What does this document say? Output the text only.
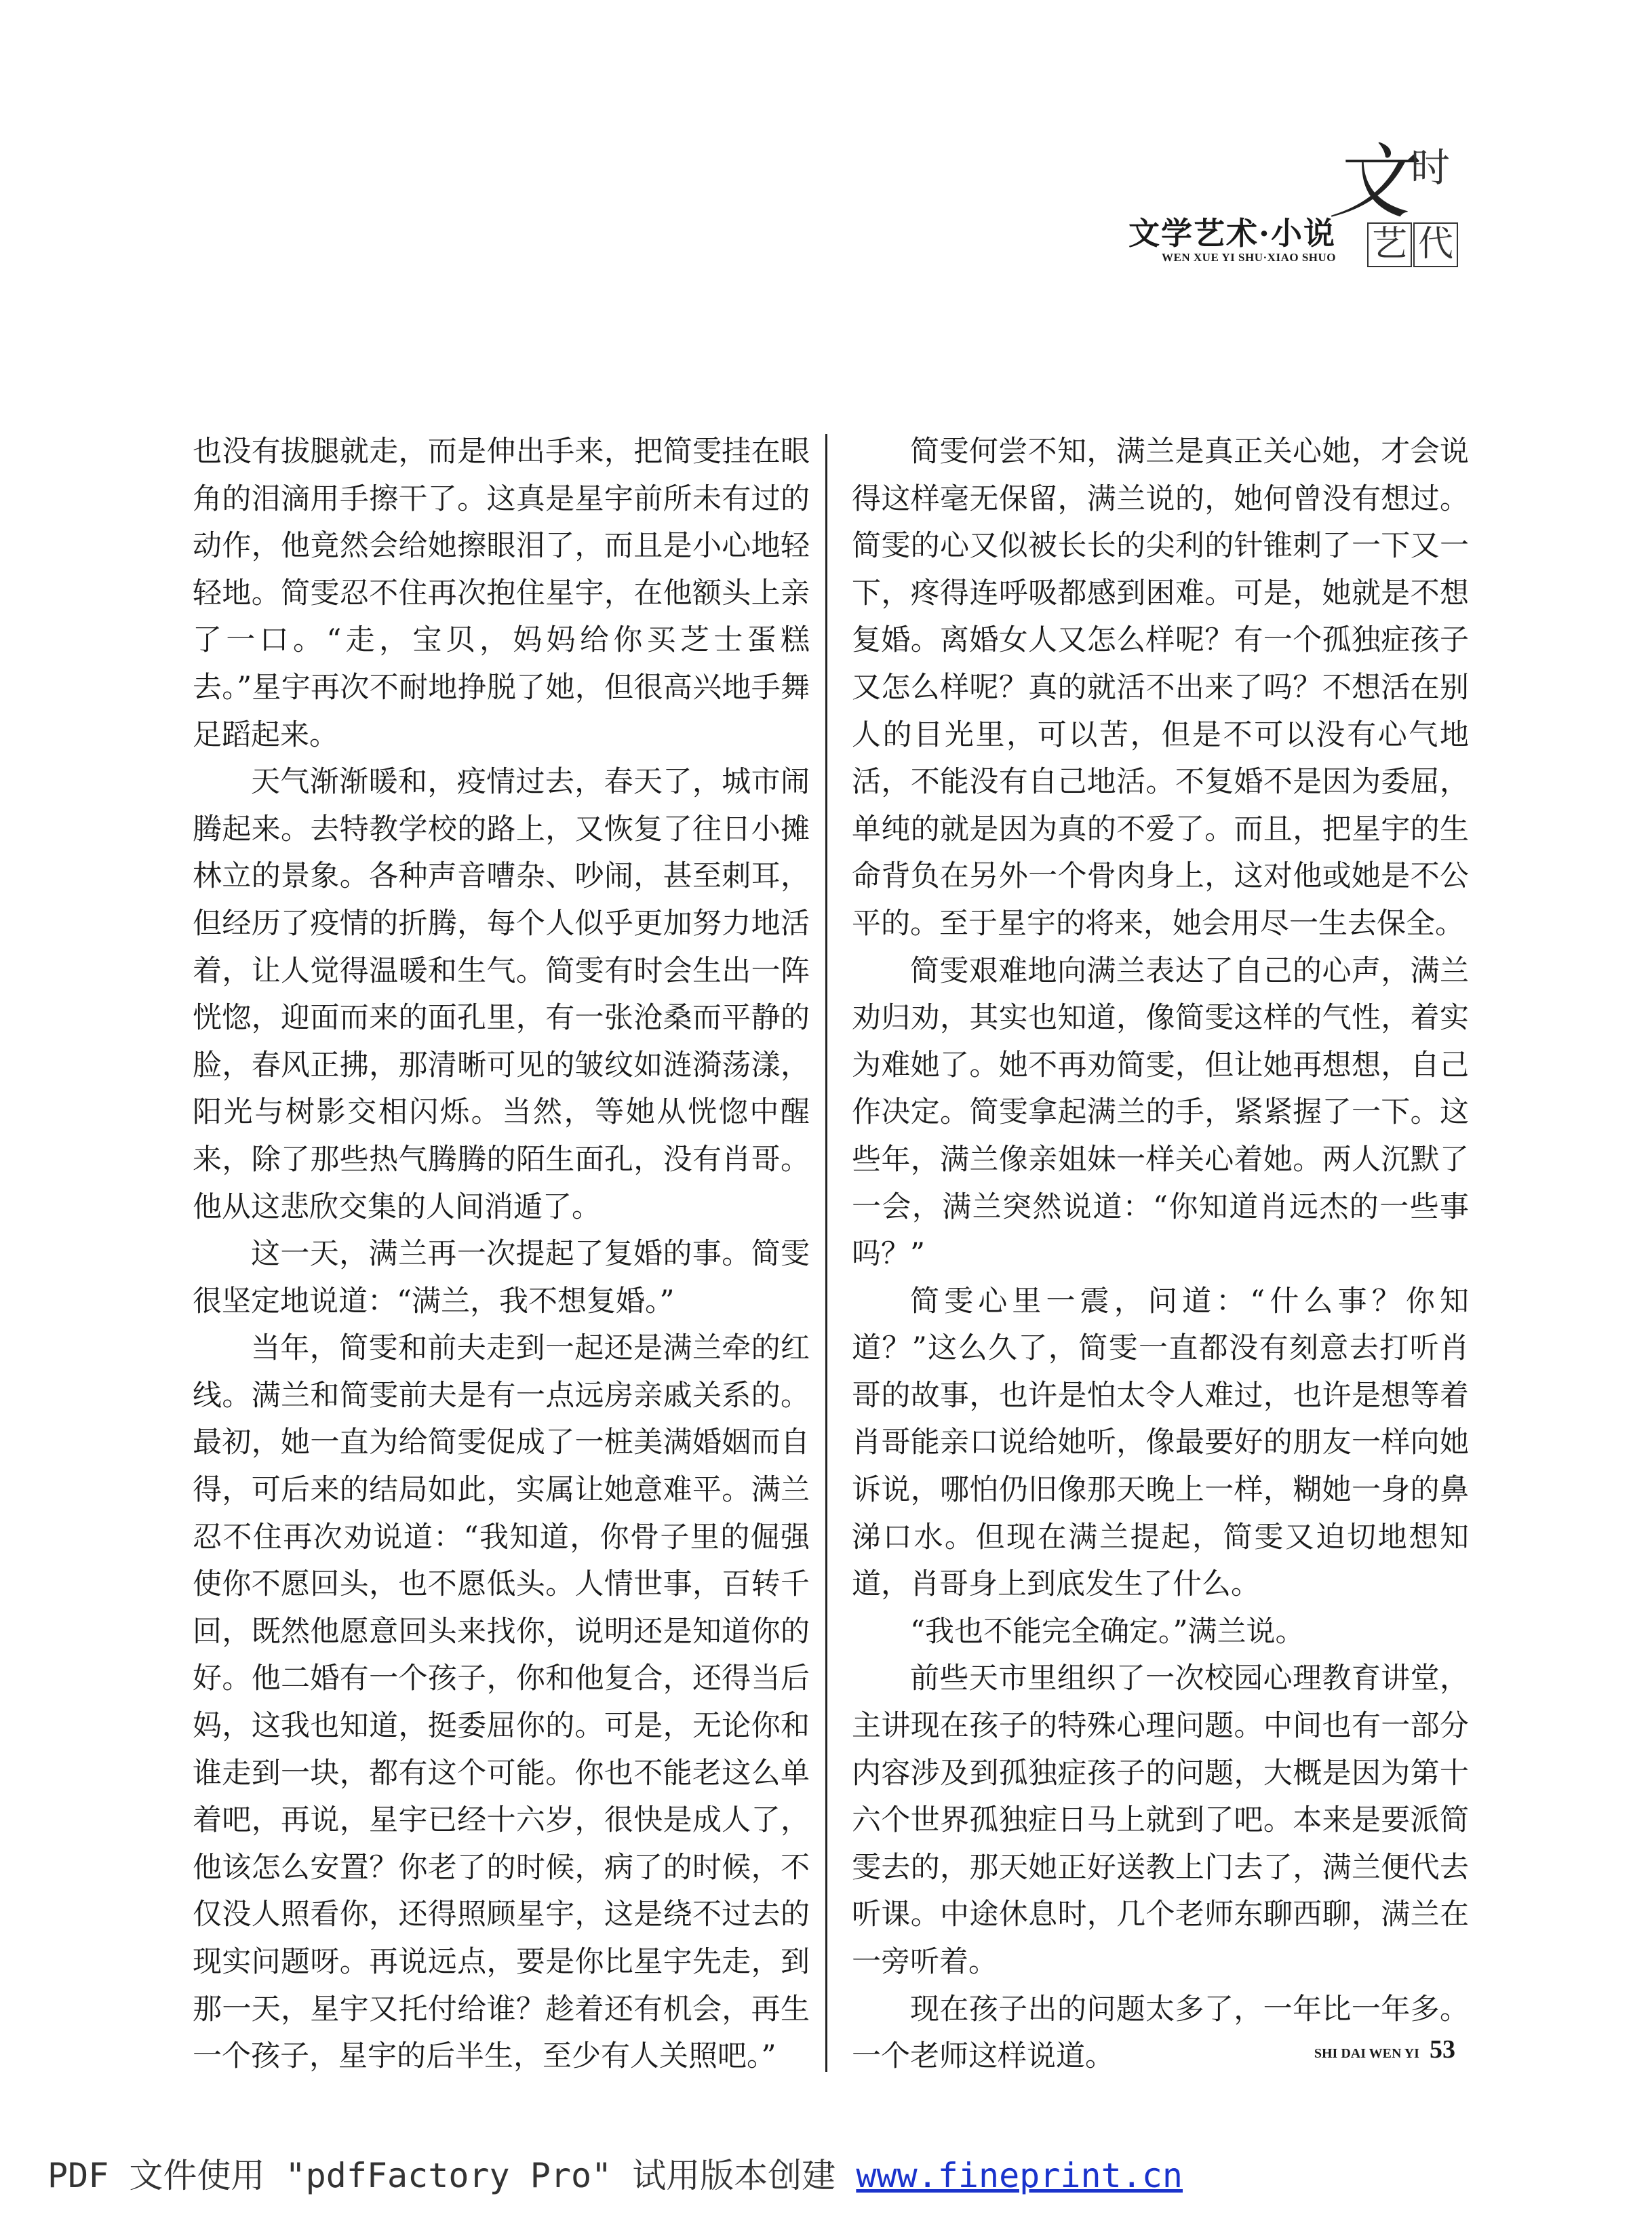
文学艺术·小说
WEN XUE YI SHU·XIAO SHUO
文 时
艺 代

也没有拔腿就走，而是伸出手来，把简雯挂在眼角的泪滴用手擦干了。这真是星宇前所未有过的动作，他竟然会给她擦眼泪了，而且是小心地轻轻地。简雯忍不住再次抱住星宇，在他额头上亲了一口。“走，宝贝，妈妈给你买芝士蛋糕去。”星宇再次不耐地挣脱了她，但很高兴地手舞足蹈起来。

天气渐渐暖和，疫情过去，春天了，城市闹腾起来。去特教学校的路上，又恢复了往日小摊林立的景象。各种声音嘈杂、吵闹，甚至刺耳，但经历了疫情的折腾，每个人似乎更加努力地活着，让人觉得温暖和生气。简雯有时会生出一阵恍惚，迎面而来的面孔里，有一张沧桑而平静的脸，春风正拂，那清晰可见的皱纹如涟漪荡漾，阳光与树影交相闪烁。当然，等她从恍惚中醒来，除了那些热气腾腾的陌生面孔，没有肖哥。他从这悲欣交集的人间消遁了。

这一天，满兰再一次提起了复婚的事。简雯很坚定地说道：“满兰，我不想复婚。”

当年，简雯和前夫走到一起还是满兰牵的红线。满兰和简雯前夫是有一点远房亲戚关系的。最初，她一直为给简雯促成了一桩美满婚姻而自得，可后来的结局如此，实属让她意难平。满兰忍不住再次劝说道：“我知道，你骨子里的倔强使你不愿回头，也不愿低头。人情世事，百转千回，既然他愿意回头来找你，说明还是知道你的好。他二婚有一个孩子，你和他复合，还得当后妈，这我也知道，挺委屈你的。可是，无论你和谁走到一块，都有这个可能。你也不能老这么单着吧，再说，星宇已经十六岁，很快是成人了，他该怎么安置？你老了的时候，病了的时候，不仅没人照看你，还得照顾星宇，这是绕不过去的现实问题呀。再说远点，要是你比星宇先走，到那一天，星宇又托付给谁？趁着还有机会，再生一个孩子，星宇的后半生，至少有人关照吧。”

简雯何尝不知，满兰是真正关心她，才会说得这样毫无保留，满兰说的，她何曾没有想过。简雯的心又似被长长的尖利的针锥刺了一下又一下，疼得连呼吸都感到困难。可是，她就是不想复婚。离婚女人又怎么样呢？有一个孤独症孩子又怎么样呢？真的就活不出来了吗？不想活在别人的目光里，可以苦，但是不可以没有心气地活，不能没有自己地活。不复婚不是因为委屈，单纯的就是因为真的不爱了。而且，把星宇的生命背负在另外一个骨肉身上，这对他或她是不公平的。至于星宇的将来，她会用尽一生去保全。

简雯艰难地向满兰表达了自己的心声，满兰劝归劝，其实也知道，像简雯这样的气性，着实为难她了。她不再劝简雯，但让她再想想，自己作决定。简雯拿起满兰的手，紧紧握了一下。这些年，满兰像亲姐妹一样关心着她。两人沉默了一会，满兰突然说道：“你知道肖远杰的一些事吗？”

简雯心里一震，问道：“什么事？你知道？”这么久了，简雯一直都没有刻意去打听肖哥的故事，也许是怕太令人难过，也许是想等着肖哥能亲口说给她听，像最要好的朋友一样向她诉说，哪怕仍旧像那天晚上一样，糊她一身的鼻涕口水。但现在满兰提起，简雯又迫切地想知道，肖哥身上到底发生了什么。

“我也不能完全确定。”满兰说。

前些天市里组织了一次校园心理教育讲堂，主讲现在孩子的特殊心理问题。中间也有一部分内容涉及到孤独症孩子的问题，大概是因为第十六个世界孤独症日马上就到了吧。本来是要派简雯去的，那天她正好送教上门去了，满兰便代去听课。中途休息时，几个老师东聊西聊，满兰在一旁听着。

现在孩子出的问题太多了，一年比一年多。一个老师这样说道。	SHI DAI WEN YI 53
PDF 文件使用 "pdfFactory Pro" 试用版本创建 www.fineprint.cn
